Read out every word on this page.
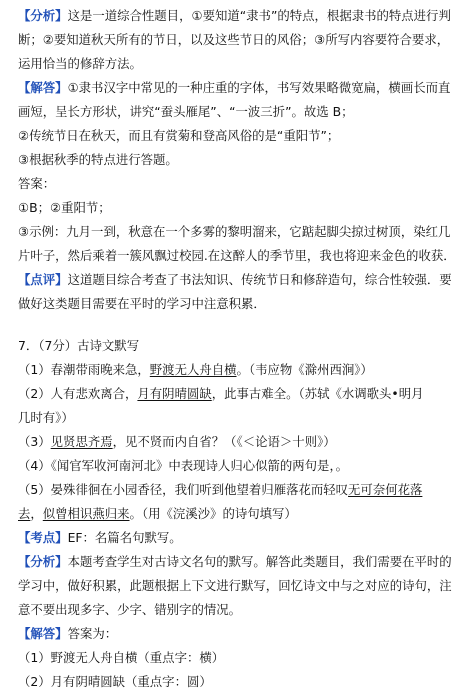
【分析】这是一道综合性题目，①要知道“隶书”的特点，根据隶书的特点进行判
断；②要知道秋天所有的节日，以及这些节日的风俗；③所写内容要符合要求，
运用恰当的修辞方法。
【解答】①隶书汉字中常见的一种庄重的字体，书写效果略微宽扁，横画长而直
画短，呈长方形状，讲究“蚕头雁尾”、“一波三折”。故选 B；
②传统节日在秋天，而且有赏菊和登高风俗的是“重阳节”；
③根据秋季的特点进行答题。
答案：
①B；②重阳节；
③示例：九月一到，秋意在一个多雾的黎明溜来，它踮起脚尖掠过树顶，染红几
片叶子，然后乘着一簇风飘过校园.在这醉人的季节里，我也将迎来金色的收获．
【点评】这道题目综合考查了书法知识、传统节日和修辞造句，综合性较强．要
做好这类题目需要在平时的学习中注意积累．
7．（7分）古诗文默写
（1）春潮带雨晚来急，野渡无人舟自横。（韦应物《滁州西涧》）
（2）人有悲欢离合，月有阴晴圆缺，此事古难全。（苏轼《水调歌头•明月
几时有》）
（3）见贤思齐焉，见不贤而内自省？（《＜论语＞十则》）
（4）《闻官军收河南河北》中表现诗人归心似箭的两句是，。
（5）晏殊徘徊在小园香径，我们听到他望着归雁落花而轻叹无可奈何花落
去，似曾相识燕归来。（用《浣溪沙》的诗句填写）
【考点】EF：名篇名句默写。
【分析】本题考查学生对古诗文名句的默写。解答此类题目，我们需要在平时的
学习中，做好积累，此题根据上下文进行默写，回忆诗文中与之对应的诗句，注
意不要出现多字、少字、错别字的情况。
【解答】答案为：
（1）野渡无人舟自横（重点字：横）
（2）月有阴晴圆缺（重点字：圆）
